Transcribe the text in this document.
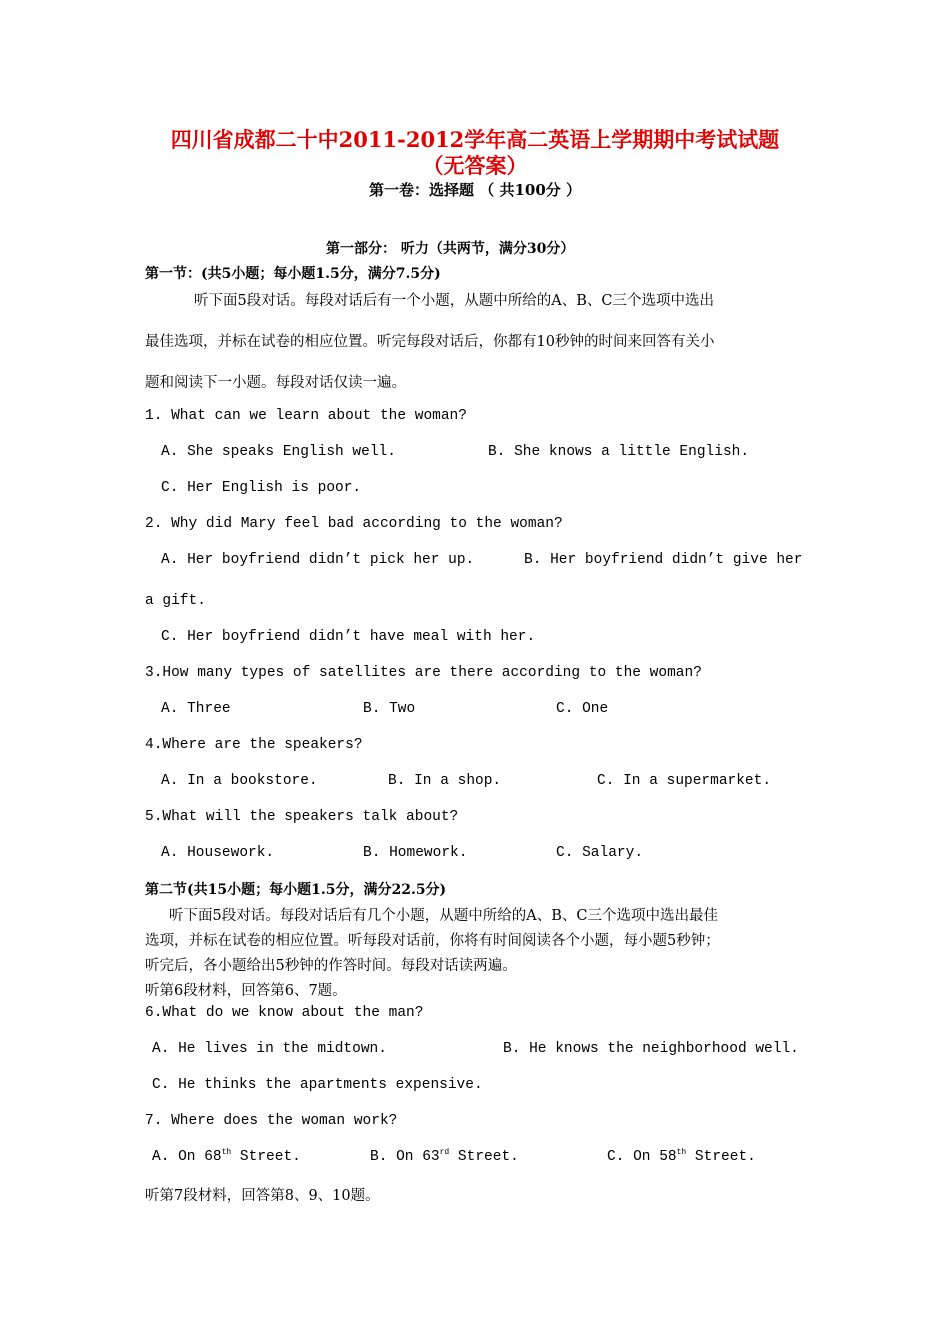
四川省成都二十中2011-2012学年高二英语上学期期中考试试题
（无答案）
第一卷：选择题 （ 共100分 ）
第一部分： 听力（共两节，满分30分）
第一节：(共5小题；每小题1.5分，满分7.5分)
听下面5段对话。每段对话后有一个小题，从题中所给的A、B、C三个选项中选出
最佳选项，并标在试卷的相应位置。听完每段对话后，你都有10秒钟的时间来回答有关小
题和阅读下一小题。每段对话仅读一遍。
1. What can we learn about the woman?
A. She speaks English well.	B. She knows a little English.
C. Her English is poor.
2. Why did Mary feel bad according to the woman?
A. Her boyfriend didn’t pick her up.	B. Her boyfriend didn’t give her
a gift.
C. Her boyfriend didn’t have meal with her.
3.How many types of satellites are there according to the woman?
A. Three	B. Two	C. One
4.Where are the speakers?
A. In a bookstore.	B. In a shop.	C. In a supermarket.
5.What will the speakers talk about?
A. Housework.	B. Homework.	C. Salary.
第二节(共15小题；每小题1.5分，满分22.5分)
听下面5段对话。每段对话后有几个小题，从题中所给的A、B、C三个选项中选出最佳
选项，并标在试卷的相应位置。听每段对话前，你将有时间阅读各个小题，每小题5秒钟；
听完后，各小题给出5秒钟的作答时间。每段对话读两遍。
听第6段材料，回答第6、7题。
6.What do we know about the man?
A. He lives in the midtown.	B. He knows the neighborhood well.
C. He thinks the apartments expensive.
7. Where does the woman work?
A. On 68th Street.	B. On 63rd Street.	C. On 58th Street.
听第7段材料，回答第8、9、10题。
